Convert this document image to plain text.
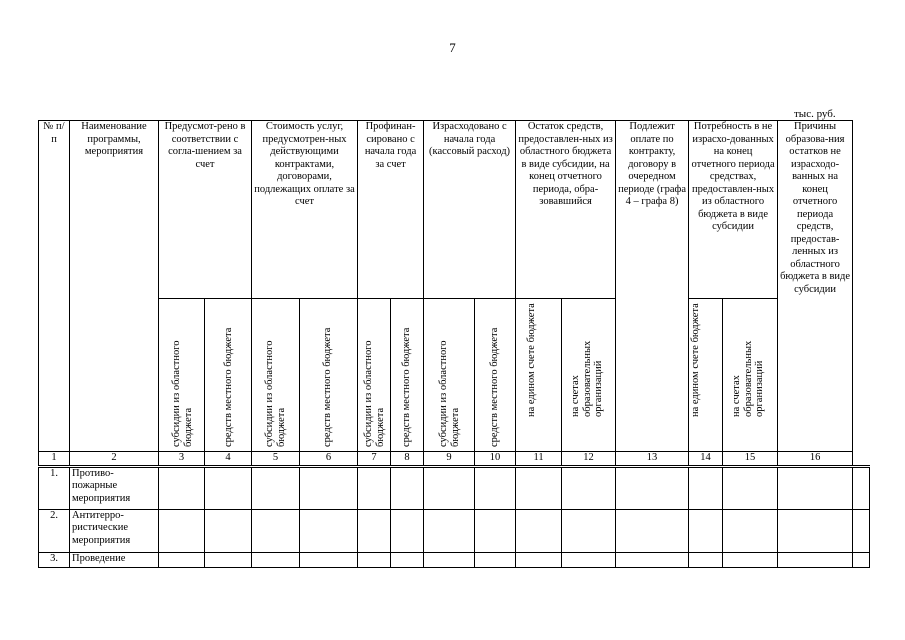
7
тыс. руб.
№ п/п	Наименование программы, мероприятия	Предусмот-рено в соответствии с согла-шением за счет		Стоимость услуг, предусмотрен-ных действующими контрактами, договорами, подлежащих оплате за счет		Профинан-сировано с начала года за счет		Израсходовано с начала года (кассовый расход)		Остаток средств, предоставлен-ных из областного бюджета в виде субсидии, на конец отчетного периода, обра-зовавшийся		Подлежит оплате по контракту, договору в очередном периоде (графа 4 – графа 8)	Потребность в не израсхо-дованных на конец отчетного периода средствах, предоставлен-ных из областного бюджета в виде субсидии		Причины образова-ния остатков не израсходо-ванных на конец отчетного периода средств, предостав-ленных из областного бюджета в виде субсидии	

		субсидии из областного бюджета	средств местного бюджета	субсидии из областного бюджета	средств местного бюджета	субсидии из областного бюджета	средств местного бюджета	субсидии из областного бюджета	средств местного бюджета	на едином счете бюджета	на счетах образовательных организаций		на едином счете бюджета	на счетах образовательных организаций		

1	2	3	4	5	6	7	8	9	10	11	12	13	14	15	16	
1.	Противо-пожарные мероприятия															
2.	Антитерро-ристические мероприятия															
3.	Проведение															
